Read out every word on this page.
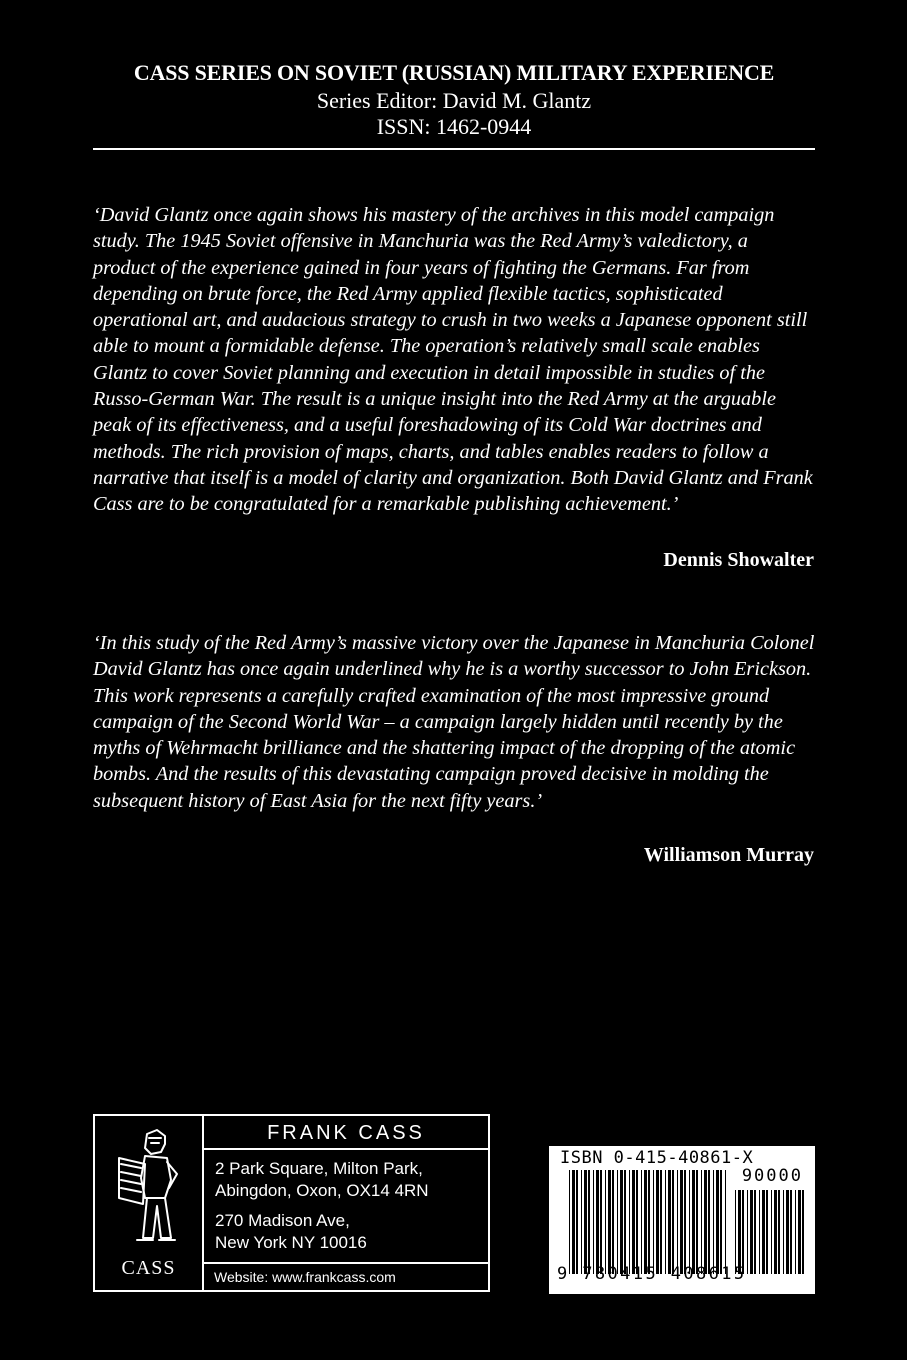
CASS SERIES ON SOVIET (RUSSIAN) MILITARY EXPERIENCE
Series Editor: David M. Glantz
ISSN: 1462-0944
‘David Glantz once again shows his mastery of the archives in this model campaign study. The 1945 Soviet offensive in Manchuria was the Red Army’s valedictory, a product of the experience gained in four years of fighting the Germans. Far from depending on brute force, the Red Army applied flexible tactics, sophisticated operational art, and audacious strategy to crush in two weeks a Japanese opponent still able to mount a formidable defense. The operation’s relatively small scale enables Glantz to cover Soviet planning and execution in detail impossible in studies of the Russo-German War. The result is a unique insight into the Red Army at the arguable peak of its effectiveness, and a useful foreshadowing of its Cold War doctrines and methods. The rich provision of maps, charts, and tables enables readers to follow a narrative that itself is a model of clarity and organization. Both David Glantz and Frank Cass are to be congratulated for a remarkable publishing achievement.’
Dennis Showalter
‘In this study of the Red Army’s massive victory over the Japanese in Manchuria Colonel David Glantz has once again underlined why he is a worthy successor to John Erickson. This work represents a carefully crafted examination of the most impressive ground campaign of the Second World War – a campaign largely hidden until recently by the myths of Wehrmacht brilliance and the shattering impact of the dropping of the atomic bombs. And the results of this devastating campaign proved decisive in molding the subsequent history of East Asia for the next fifty years.’
Williamson Murray
CASS
FRANK CASS
2 Park Square, Milton Park,
Abingdon, Oxon, OX14 4RN
270 Madison Ave,
New York NY 10016
Website: www.frankcass.com
ISBN 0-415-40861-X
90000
9 780415 408615
